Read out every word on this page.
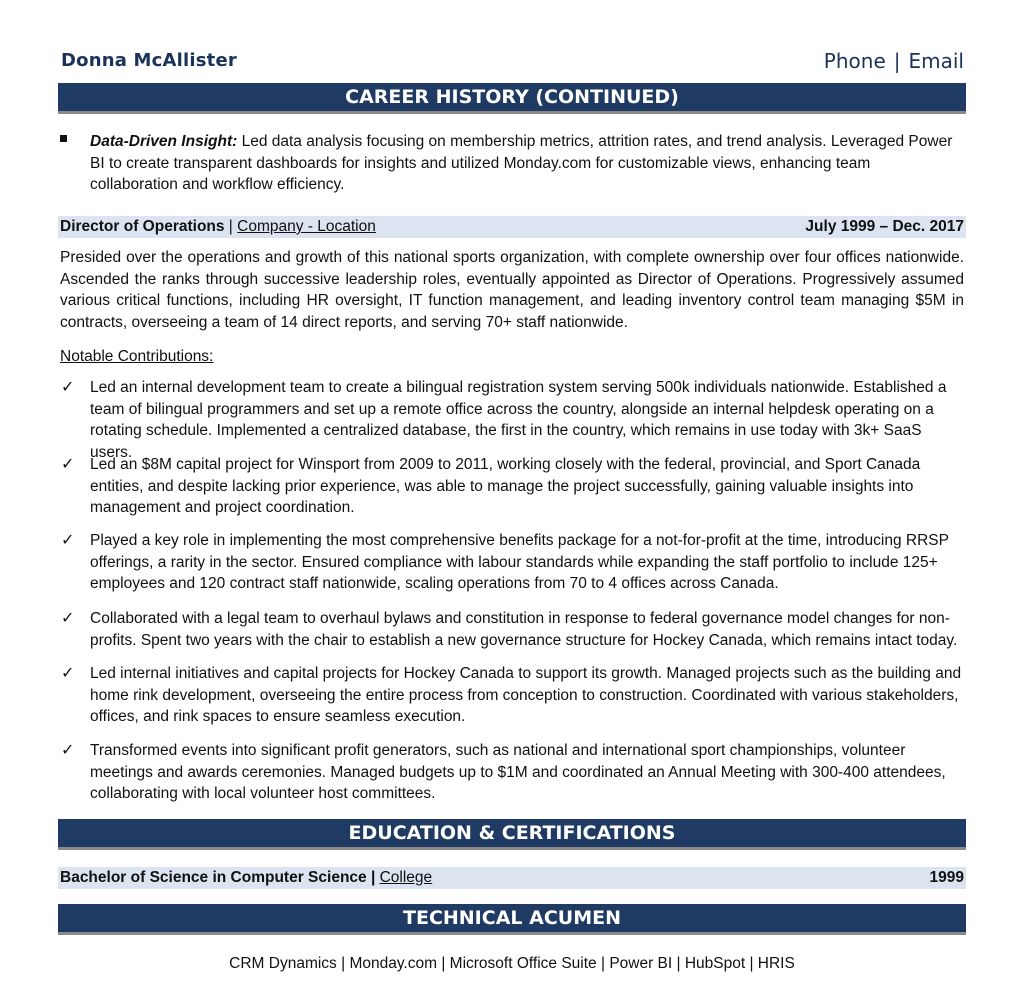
Donna McAllister	Phone | Email
CAREER HISTORY (CONTINUED)
Data-Driven Insight: Led data analysis focusing on membership metrics, attrition rates, and trend analysis. Leveraged Power BI to create transparent dashboards for insights and utilized Monday.com for customizable views, enhancing team collaboration and workflow efficiency.
Director of Operations | Company - Location	July 1999 – Dec. 2017
Presided over the operations and growth of this national sports organization, with complete ownership over four offices nationwide. Ascended the ranks through successive leadership roles, eventually appointed as Director of Operations. Progressively assumed various critical functions, including HR oversight, IT function management, and leading inventory control team managing $5M in contracts, overseeing a team of 14 direct reports, and serving 70+ staff nationwide.
Notable Contributions:
✓ Led an internal development team to create a bilingual registration system serving 500k individuals nationwide. Established a team of bilingual programmers and set up a remote office across the country, alongside an internal helpdesk operating on a rotating schedule. Implemented a centralized database, the first in the country, which remains in use today with 3k+ SaaS users.
✓ Led an $8M capital project for Winsport from 2009 to 2011, working closely with the federal, provincial, and Sport Canada entities, and despite lacking prior experience, was able to manage the project successfully, gaining valuable insights into management and project coordination.
✓ Played a key role in implementing the most comprehensive benefits package for a not-for-profit at the time, introducing RRSP offerings, a rarity in the sector. Ensured compliance with labour standards while expanding the staff portfolio to include 125+ employees and 120 contract staff nationwide, scaling operations from 70 to 4 offices across Canada.
✓ Collaborated with a legal team to overhaul bylaws and constitution in response to federal governance model changes for non-profits. Spent two years with the chair to establish a new governance structure for Hockey Canada, which remains intact today.
✓ Led internal initiatives and capital projects for Hockey Canada to support its growth. Managed projects such as the building and home rink development, overseeing the entire process from conception to construction. Coordinated with various stakeholders, offices, and rink spaces to ensure seamless execution.
✓ Transformed events into significant profit generators, such as national and international sport championships, volunteer meetings and awards ceremonies. Managed budgets up to $1M and coordinated an Annual Meeting with 300-400 attendees, collaborating with local volunteer host committees.
EDUCATION & CERTIFICATIONS
Bachelor of Science in Computer Science | College	1999
TECHNICAL ACUMEN
CRM Dynamics | Monday.com | Microsoft Office Suite | Power BI | HubSpot | HRIS
